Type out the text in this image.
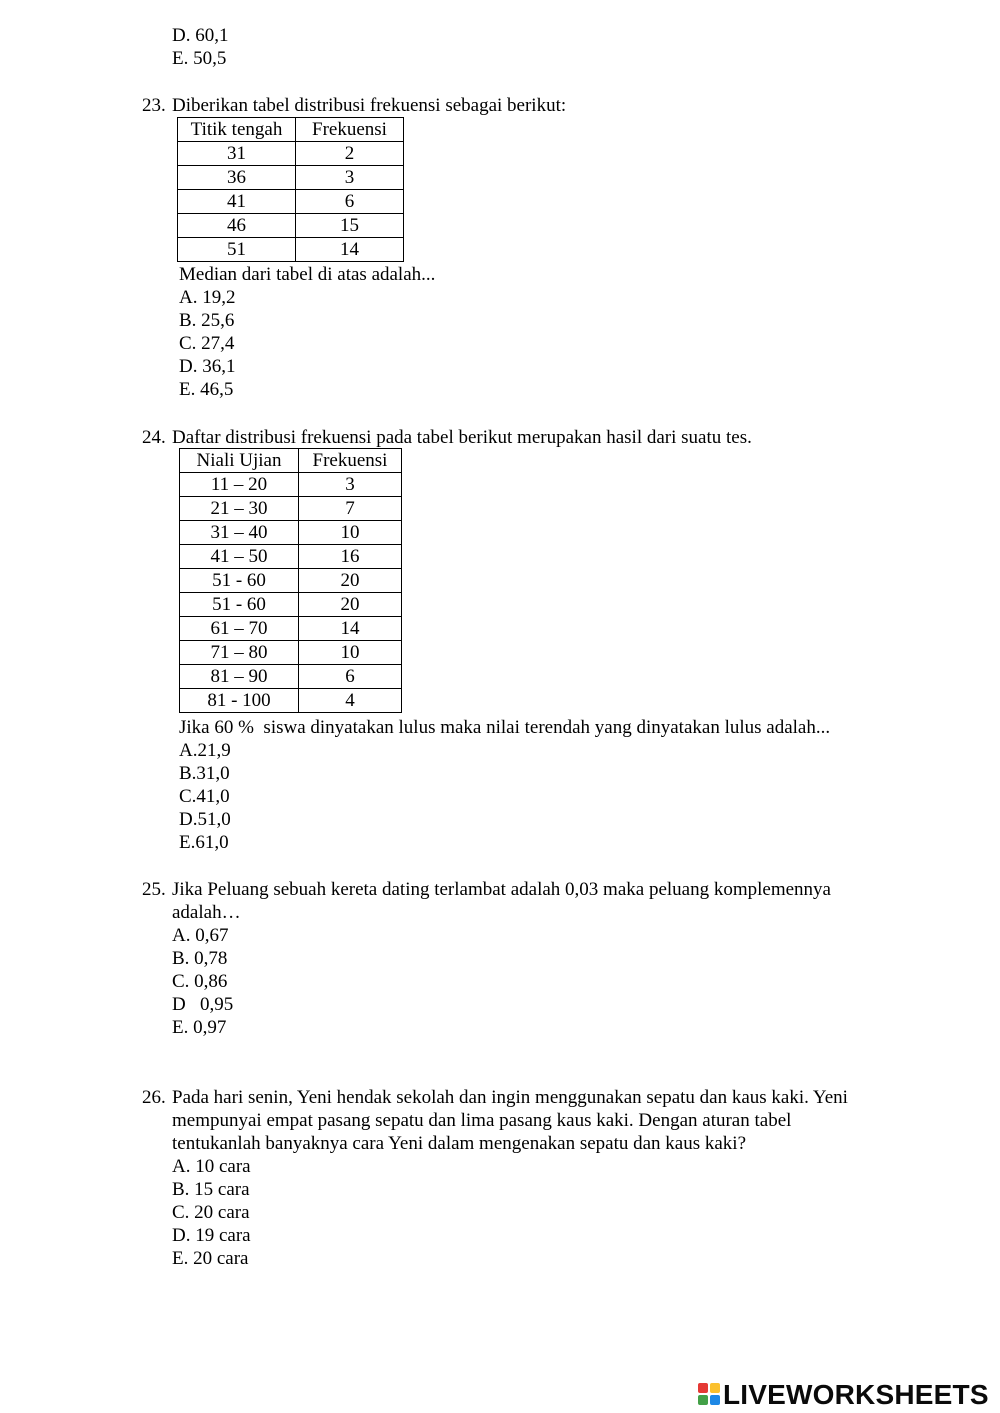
D. 60,1
E. 50,5
23. Diberikan tabel distribusi frekuensi sebagai berikut:
Titik tengah	Frekuensi
31	2
36	3
41	6
46	15
51	14
Median dari tabel di atas adalah...
A. 19,2
B. 25,6
C. 27,4
D. 36,1
E. 46,5
24. Daftar distribusi frekuensi pada tabel berikut merupakan hasil dari suatu tes.
Niali Ujian	Frekuensi
11 – 20	3
21 – 30	7
31 – 40	10
41 – 50	16
51 - 60	20
51 - 60	20
61 – 70	14
71 – 80	10
81 – 90	6
81 - 100	4
Jika 60 %  siswa dinyatakan lulus maka nilai terendah yang dinyatakan lulus adalah...
A.21,9
B.31,0
C.41,0
D.51,0
E.61,0
25. Jika Peluang sebuah kereta dating terlambat adalah 0,03 maka peluang komplemennya
adalah…
A. 0,67
B. 0,78
C. 0,86
D   0,95
E. 0,97
26. Pada hari senin, Yeni hendak sekolah dan ingin menggunakan sepatu dan kaus kaki. Yeni
mempunyai empat pasang sepatu dan lima pasang kaus kaki. Dengan aturan tabel
tentukanlah banyaknya cara Yeni dalam mengenakan sepatu dan kaus kaki?
A. 10 cara
B. 15 cara
C. 20 cara
D. 19 cara
E. 20 cara
LIVEWORKSHEETS
